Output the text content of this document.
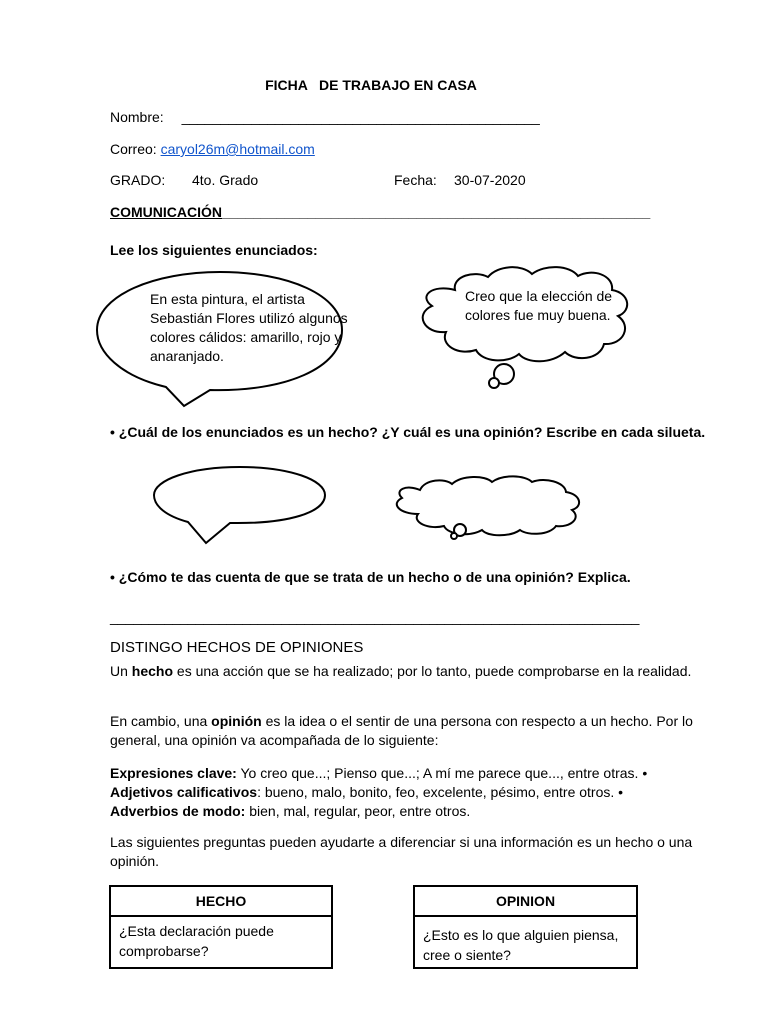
FICHA   DE TRABAJO EN CASA
Nombre: ______________________________________________
Correo: caryol26m@hotmail.com
GRADO: 4to. Grado	Fecha: 30-07-2020
COMUNICACIÓN_______________________________________________________
Lee los siguientes enunciados:
En esta pintura, el artista Sebastián Flores utilizó algunos colores cálidos: amarillo, rojo y anaranjado.
Creo que la elección de colores fue muy buena.
• ¿Cuál de los enunciados es un hecho? ¿Y cuál es una opinión? Escribe en cada silueta.
• ¿Cómo te das cuenta de que se trata de un hecho o de una opinión? Explica.
____________________________________________________________________
DISTINGO HECHOS DE OPINIONES
Un hecho es una acción que se ha realizado; por lo tanto, puede comprobarse en la realidad.
En cambio, una opinión es la idea o el sentir de una persona con respecto a un hecho. Por lo general, una opinión va acompañada de lo siguiente:
Expresiones clave: Yo creo que...; Pienso que...; A mí me parece que..., entre otras. •
Adjetivos calificativos: bueno, malo, bonito, feo, excelente, pésimo, entre otros. •
Adverbios de modo: bien, mal, regular, peor, entre otros.
Las siguientes preguntas pueden ayudarte a diferenciar si una información es un hecho o una opinión.
HECHO
¿Esta declaración puede comprobarse?
OPINION
¿Esto es lo que alguien piensa, cree o siente?
